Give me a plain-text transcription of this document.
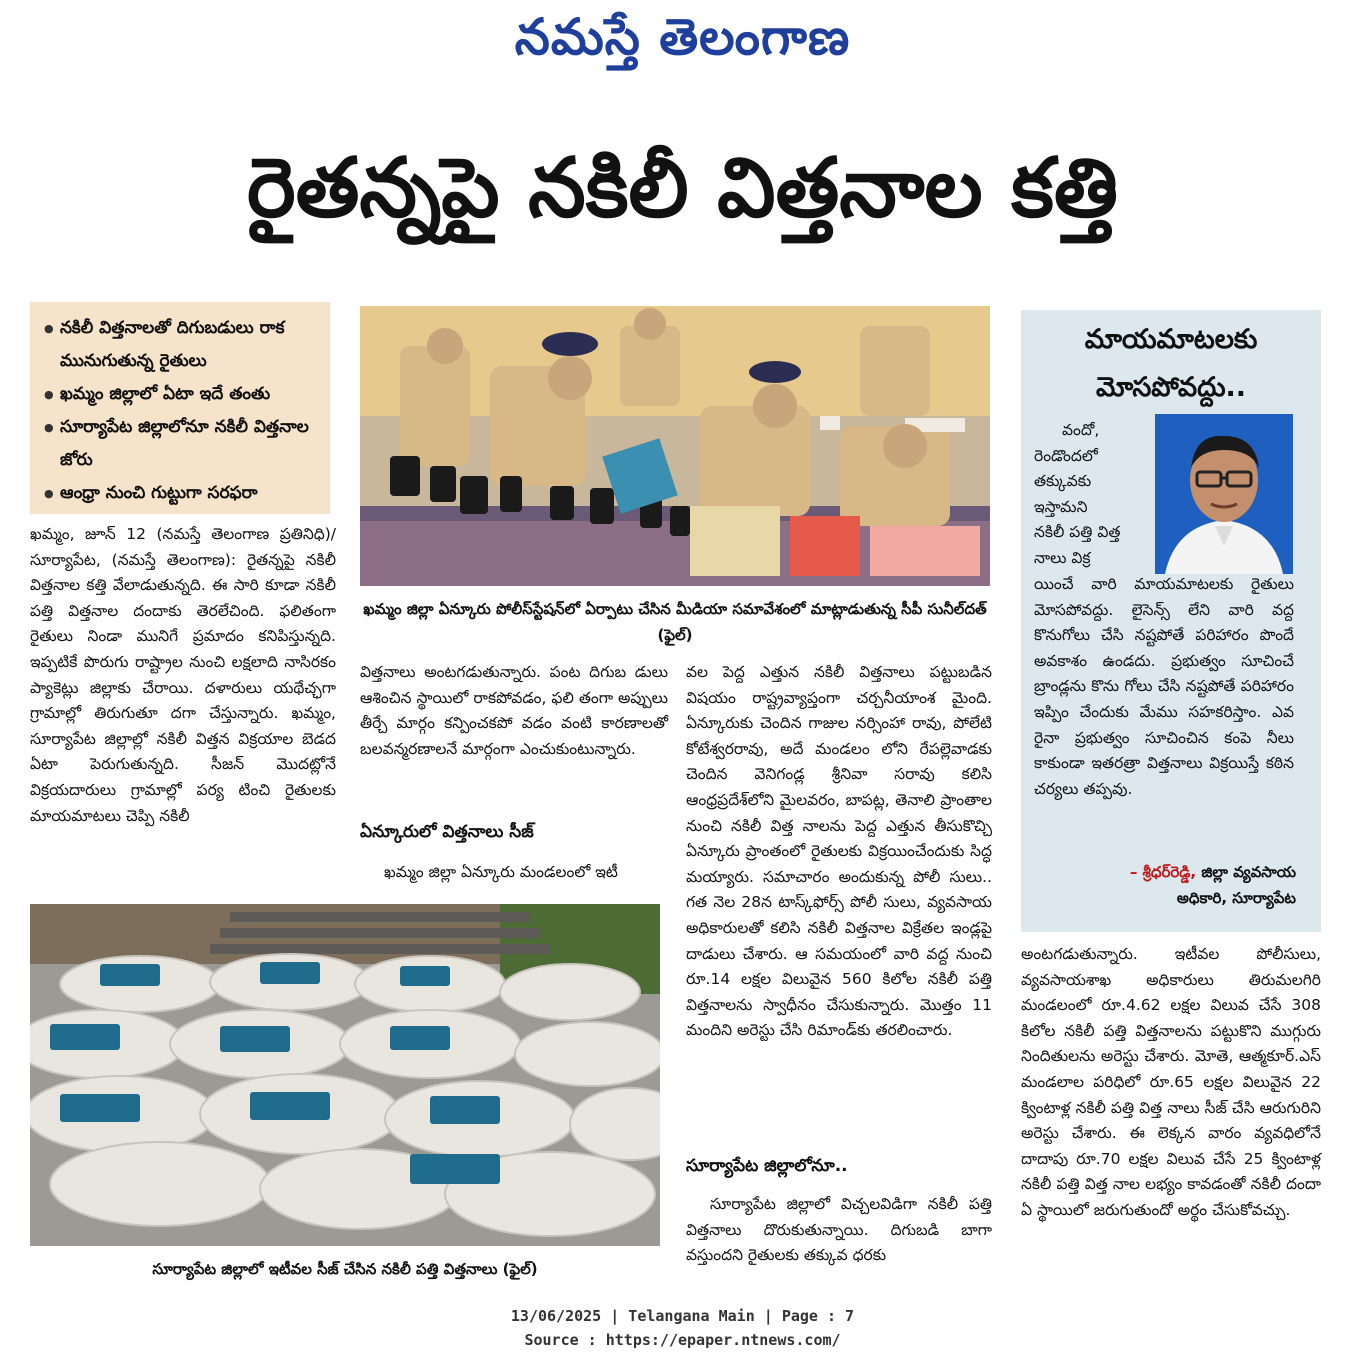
నమస్తే తెలంగాణ
రైతన్నపై నకిలీ విత్తనాల కత్తి
● నకిలీ విత్తనాలతో దిగుబడులు రాక మునుగుతున్న రైతులు
● ఖమ్మం జిల్లాలో ఏటా ఇదే తంతు
● సూర్యాపేట జిల్లాలోనూ నకిలీ విత్తనాల జోరు
● ఆంధ్రా నుంచి గుట్టుగా సరఫరా
ఖమ్మం, జూన్ 12 (నమస్తే తెలంగాణ ప్రతినిధి)/సూర్యాపేట, (నమస్తే తెలంగాణ): రైతన్నపై నకిలీ విత్తనాల కత్తి వేలాడుతున్నది. ఈ సారి కూడా నకిలీ పత్తి విత్తనాల దందాకు తెరలేచింది. ఫలితంగా రైతులు నిండా మునిగే ప్రమాదం కనిపిస్తున్నది. ఇప్పటికే పొరుగు రాష్ట్రాల నుంచి లక్షలాది నాసిరకం ప్యాకెట్లు జిల్లాకు చేరాయి. దళారులు యథేచ్ఛగా గ్రామాల్లో తిరుగుతూ దగా చేస్తున్నారు. ఖమ్మం, సూర్యాపేట జిల్లాల్లో నకిలీ విత్తన విక్రయాల బెడద ఏటా పెరుగుతున్నది. సీజన్ మొదట్లోనే విక్రయదారులు గ్రామాల్లో పర్య టించి రైతులకు మాయమాటలు చెప్పి నకిలీ
ఖమ్మం జిల్లా ఏన్కూరు పోలీస్‌స్టేషన్‌లో ఏర్పాటు చేసిన మీడియా సమావేశంలో మాట్లాడుతున్న సీపీ సునీల్‌దత్ (ఫైల్)
విత్తనాలు అంటగడుతున్నారు. పంట దిగుబ డులు ఆశించిన స్థాయిలో రాకపోవడం, ఫలి తంగా అప్పులు తీర్చే మార్గం కన్పించకపో వడం వంటి కారణాలతో బలవన్మరణాలనే మార్గంగా ఎంచుకుంటున్నారు.
ఏన్కూరులో విత్తనాలు సీజ్
ఖమ్మం జిల్లా ఏన్కూరు మండలంలో ఇటీ
సూర్యాపేట జిల్లాలో ఇటీవల సీజ్ చేసిన నకిలీ పత్తి విత్తనాలు (ఫైల్)
వల పెద్ద ఎత్తున నకిలీ విత్తనాలు పట్టుబడిన విషయం రాష్ట్రవ్యాప్తంగా చర్చనీయాంశ మైంది. ఏన్కూరుకు చెందిన గాజుల నర్సింహా రావు, పోలేటి కోటేశ్వరరావు, అదే మండలం లోని రేపల్లెవాడకు చెందిన వెనిగండ్ల శ్రీనివా సరావు కలిసి ఆంధ్రప్రదేశ్‌లోని మైలవరం, బాపట్ల, తెనాలి ప్రాంతాల నుంచి నకిలీ విత్త నాలను పెద్ద ఎత్తున తీసుకొచ్చి ఏన్కూరు ప్రాంతంలో రైతులకు విక్రయించేందుకు సిద్ధ మయ్యారు. సమాచారం అందుకున్న పోలీ సులు.. గత నెల 28న టాస్క్‌ఫోర్స్ పోలీ సులు, వ్యవసాయ అధికారులతో కలిసి నకిలీ విత్తనాల విక్రేతల ఇండ్లపై దాడులు చేశారు. ఆ సమయంలో వారి వద్ద నుంచి రూ.14 లక్షల విలువైన 560 కిలోల నకిలీ పత్తి విత్తనాలను స్వాధీనం చేసుకున్నారు. మొత్తం 11 మందిని అరెస్టు చేసి రిమాండ్‌కు తరలించారు.
సూర్యాపేట జిల్లాలోనూ..
సూర్యాపేట జిల్లాలో విచ్చలవిడిగా నకిలీ పత్తి విత్తనాలు దొరుకుతున్నాయి. దిగుబడి బాగా వస్తుందని రైతులకు తక్కువ ధరకు
మాయమాటలకు
మోసపోవద్దు..
వందో,
రెండొందలో
తక్కువకు
ఇస్తామని
నకిలీ పత్తి విత్త
నాలు విక్ర
యించే వారి మాయమాటలకు రైతులు మోసపోవద్దు. లైసెన్స్ లేని వారి వద్ద కొనుగోలు చేసి నష్టపోతే పరిహారం పొందే అవకాశం ఉండదు. ప్రభుత్వం సూచించే బ్రాండ్లను కొను గోలు చేసి నష్టపోతే పరిహారం ఇప్పిం చేందుకు మేము సహకరిస్తాం. ఎవ రైనా ప్రభుత్వం సూచించిన కంపె నీలు కాకుండా ఇతరత్రా విత్తనాలు విక్రయిస్తే కఠిన చర్యలు తప్పవు.
– శ్రీధర్‌రెడ్డి, జిల్లా వ్యవసాయ
అధికారి, సూర్యాపేట
అంటగడుతున్నారు. ఇటీవల పోలీసులు, వ్యవసాయశాఖ అధికారులు తిరుమలగిరి మండలంలో రూ.4.62 లక్షల విలువ చేసే 308 కిలోల నకిలీ పత్తి విత్తనాలను పట్టుకొని ముగ్గురు నిందితులను అరెస్టు చేశారు. మోతె, ఆత్మకూర్.ఎస్ మండలాల పరిధిలో రూ.65 లక్షల విలువైన 22 క్వింటాళ్ల నకిలీ పత్తి విత్త నాలు సీజ్ చేసి ఆరుగురిని అరెస్టు చేశారు. ఈ లెక్కన వారం వ్యవధిలోనే దాదాపు రూ.70 లక్షల విలువ చేసే 25 క్వింటాళ్ల నకిలీ పత్తి విత్త నాల లభ్యం కావడంతో నకిలీ దందా ఏ స్థాయిలో జరుగుతుందో అర్థం చేసుకోవచ్చు.
13/06/2025 | Telangana Main | Page : 7
Source : https://epaper.ntnews.com/
